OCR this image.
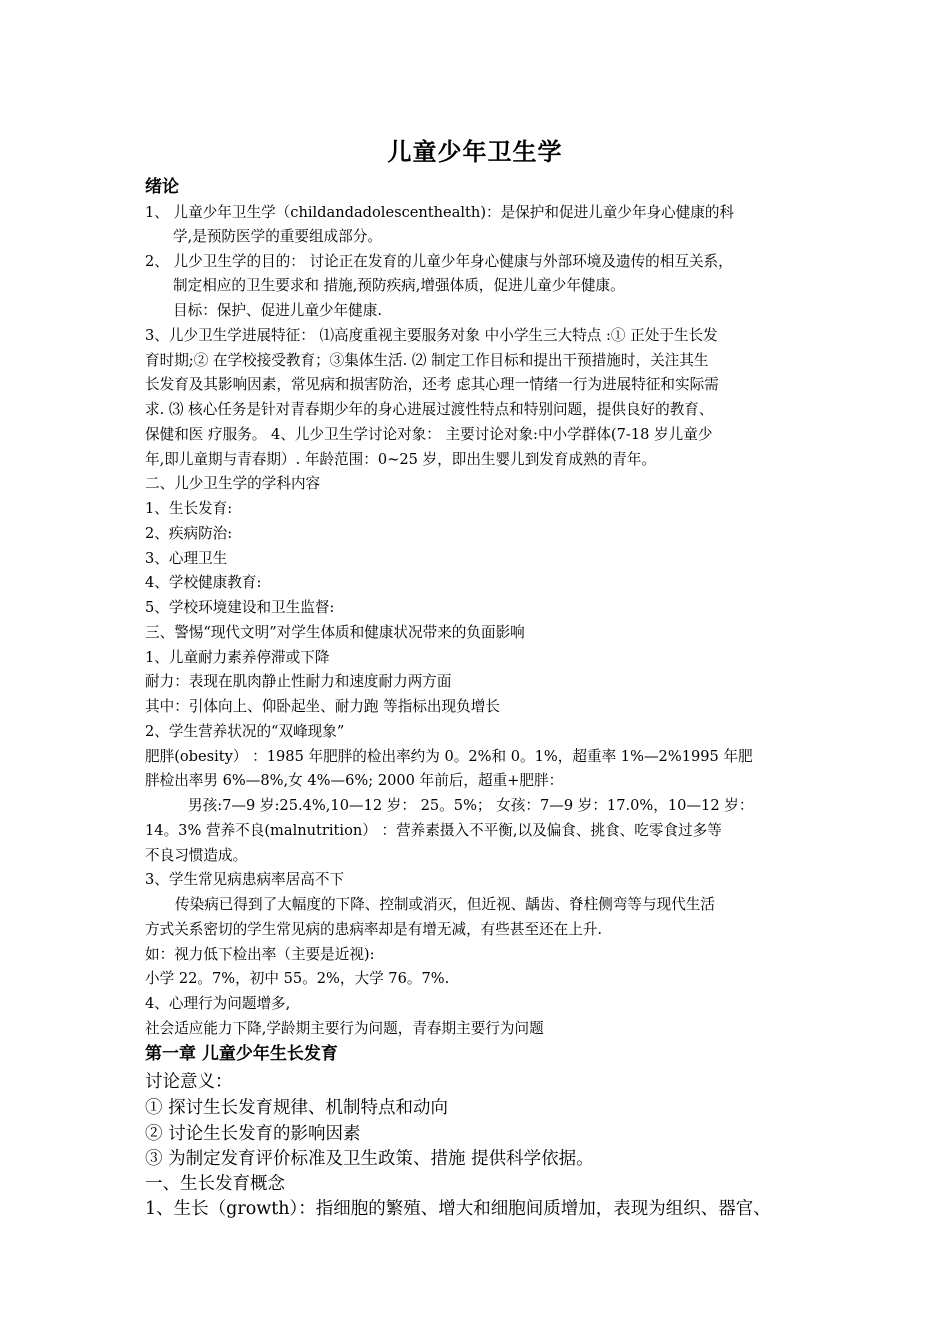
儿童少年卫生学
绪论
1、 儿童少年卫生学（childandadolescenthealth)：是保护和促进儿童少年身心健康的科
学,是预防医学的重要组成部分。
2、 儿少卫生学的目的： 讨论正在发育的儿童少年身心健康与外部环境及遗传的相互关系，
制定相应的卫生要求和 措施,预防疾病,增强体质，促进儿童少年健康。
目标：保护、促进儿童少年健康.
3、儿少卫生学进展特征： ⑴高度重视主要服务对象 中小学生三大特点 :① 正处于生长发
育时期;② 在学校接受教育；③集体生活. ⑵ 制定工作目标和提出干预措施时，关注其生
长发育及其影响因素，常见病和损害防治，还考 虑其心理一情绪一行为进展特征和实际需
求. ⑶ 核心任务是针对青春期少年的身心进展过渡性特点和特别问题，提供良好的教育、
保健和医 疗服务。 4、儿少卫生学讨论对象： 主要讨论对象:中小学群体(7-18 岁儿童少
年,即儿童期与青春期）. 年龄范围：0~25 岁，即出生婴儿到发育成熟的青年。
二、儿少卫生学的学科内容
1、生长发育:
2、疾病防治:
3、心理卫生
4、学校健康教育:
5、学校环境建设和卫生监督:
三、警惕“现代文明”对学生体质和健康状况带来的负面影响
1、儿童耐力素养停滞或下降
耐力：表现在肌肉静止性耐力和速度耐力两方面
其中：引体向上、仰卧起坐、耐力跑 等指标出现负增长
2、学生营养状况的“双峰现象”
肥胖(obesity） ：1985 年肥胖的检出率约为 0。2%和 0。1%，超重率 1%—2%1995 年肥
胖检出率男 6%—8%,女 4%—6%; 2000 年前后，超重+肥胖：
男孩:7—9 岁:25.4%,10—12 岁： 25。5%； 女孩：7—9 岁：17.0%，10—12 岁：
14。3% 营养不良(malnutrition） ：营养素摄入不平衡,以及偏食、挑食、吃零食过多等
不良习惯造成。
3、学生常见病患病率居高不下
传染病已得到了大幅度的下降、控制或消灭，但近视、龋齿、脊柱侧弯等与现代生活
方式关系密切的学生常见病的患病率却是有增无减，有些甚至还在上升.
如：视力低下检出率（主要是近视):
小学 22。7%，初中 55。2%，大学 76。7%.
4、心理行为问题增多,
社会适应能力下降,学龄期主要行为问题，青春期主要行为问题
第一章 儿童少年生长发育
讨论意义：
① 探讨生长发育规律、机制特点和动向
② 讨论生长发育的影响因素
③ 为制定发育评价标准及卫生政策、措施 提供科学依据。
一、生长发育概念
1、生长（growth）：指细胞的繁殖、增大和细胞间质增加，表现为组织、器官、
